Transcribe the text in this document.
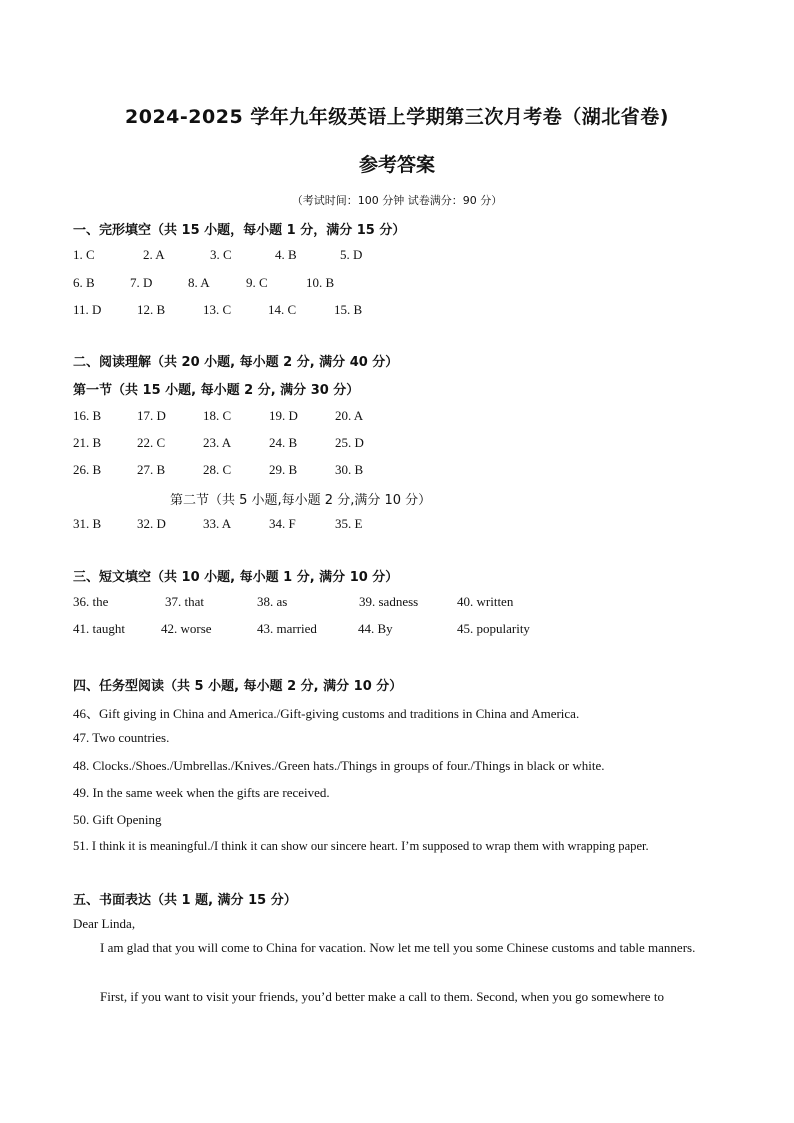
2024-2025 学年九年级英语上学期第三次月考卷（湖北省卷)
参考答案
（考试时间：100 分钟 试卷满分：90 分）
一、完形填空（共 15 小题，每小题 1 分，满分 15 分）
1. C	2. A	3. C	4. B	5. D
6. B	7. D	8. A	9. C	10. B
11. D	12. B	13. C	14. C	15. B
二、阅读理解（共 20 小题, 每小题 2 分, 满分 40 分）
第一节（共 15 小题, 每小题 2 分, 满分 30 分）
16. B	17. D	18. C	19. D	20. A
21. B	22. C	23. A	24. B	25. D
26. B	27. B	28. C	29. B	30. B
第二节（共 5 小题,每小题 2 分,满分 10 分）
31. B	32. D	33. A	34. F	35. E
三、短文填空（共 10 小题, 每小题 1 分, 满分 10 分）
36. the	37. that	38. as	39. sadness	40. written
41. taught	42. worse	43. married	44. By	45. popularity
四、任务型阅读（共 5 小题, 每小题 2 分, 满分 10 分）
46、Gift giving in China and America./Gift-giving customs and traditions in China and America.
47. Two countries.
48. Clocks./Shoes./Umbrellas./Knives./Green hats./Things in groups of four./Things in black or white.
49. In the same week when the gifts are received.
50. Gift Opening
51. I think it is meaningful./I think it can show our sincere heart. I’m supposed to wrap them with wrapping paper.
五、书面表达（共 1 题, 满分 15 分）
Dear Linda,
I am glad that you will come to China for vacation. Now let me tell you some Chinese customs and table manners.
First, if you want to visit your friends, you’d better make a call to them. Second, when you go somewhere to
